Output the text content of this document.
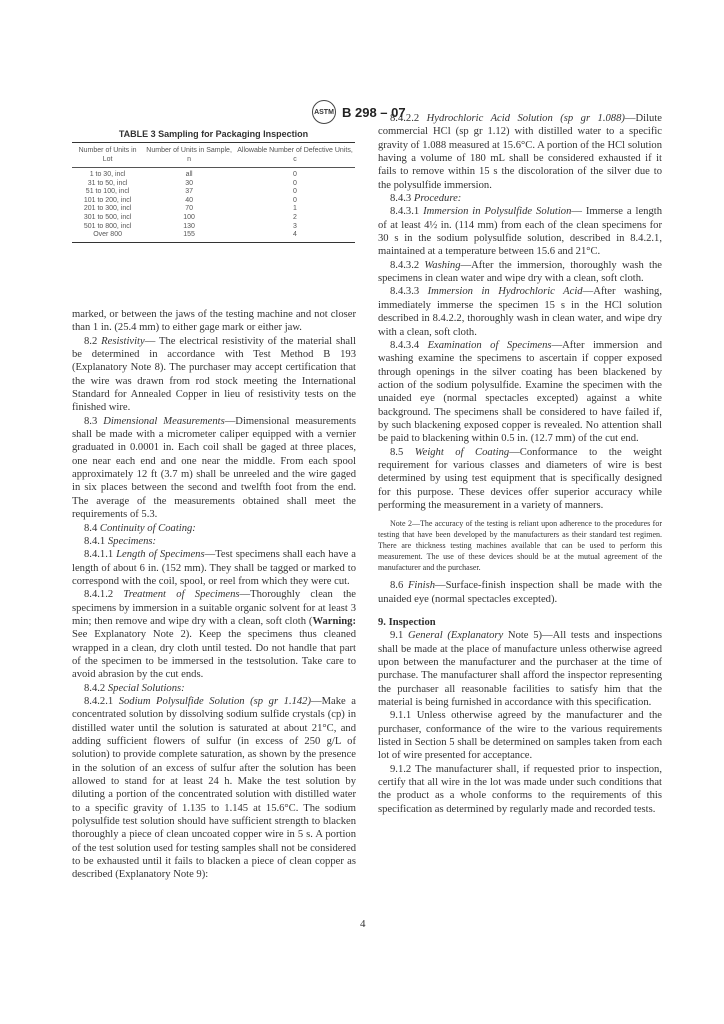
ASTM B 298 – 07
TABLE 3 Sampling for Packaging Inspection
Number of Units in Lot	Number of Units in Sample, n	Allowable Number of Defective Units, c
1 to 30, incl	all	0
31 to 50, incl	30	0
51 to 100, incl	37	0
101 to 200, incl	40	0
201 to 300, incl	70	1
301 to 500, incl	100	2
501 to 800, incl	130	3
Over 800	155	4

marked, or between the jaws of the testing machine and not closer than 1 in. (25.4 mm) to either gage mark or either jaw.

8.2 Resistivity— The electrical resistivity of the material shall be determined in accordance with Test Method B 193 (Explanatory Note 8). The purchaser may accept certification that the wire was drawn from rod stock meeting the International Standard for Annealed Copper in lieu of resistivity tests on the finished wire.

8.3 Dimensional Measurements—Dimensional measurements shall be made with a micrometer caliper equipped with a vernier graduated in 0.0001 in. Each coil shall be gaged at three places, one near each end and one near the middle. From each spool approximately 12 ft (3.7 m) shall be unreeled and the wire gaged in six places between the second and twelfth foot from the end. The average of the measurements obtained shall meet the requirements of 5.3.

8.4 Continuity of Coating:

8.4.1 Specimens:

8.4.1.1 Length of Specimens—Test specimens shall each have a length of about 6 in. (152 mm). They shall be tagged or marked to correspond with the coil, spool, or reel from which they were cut.

8.4.1.2 Treatment of Specimens—Thoroughly clean the specimens by immersion in a suitable organic solvent for at least 3 min; then remove and wipe dry with a clean, soft cloth (Warning: See Explanatory Note 2). Keep the specimens thus cleaned wrapped in a clean, dry cloth until tested. Do not handle that part of the specimen to be immersed in the testsolution. Take care to avoid abrasion by the cut ends.

8.4.2 Special Solutions:

8.4.2.1 Sodium Polysulfide Solution (sp gr 1.142)—Make a concentrated solution by dissolving sodium sulfide crystals (cp) in distilled water until the solution is saturated at about 21°C, and adding sufficient flowers of sulfur (in excess of 250 g/L of solution) to provide complete saturation, as shown by the presence in the solution of an excess of sulfur after the solution has been allowed to stand for at least 24 h. Make the test solution by diluting a portion of the concentrated solution with distilled water to a specific gravity of 1.135 to 1.145 at 15.6°C. The sodium polysulfide test solution should have sufficient strength to blacken thoroughly a piece of clean uncoated copper wire in 5 s. A portion of the test solution used for testing samples shall not be considered to be exhausted until it fails to blacken a piece of clean copper as described (Explanatory Note 9):

8.4.2.2 Hydrochloric Acid Solution (sp gr 1.088)—Dilute commercial HCl (sp gr 1.12) with distilled water to a specific gravity of 1.088 measured at 15.6°C. A portion of the HCl solution having a volume of 180 mL shall be considered exhausted if it fails to remove within 15 s the discoloration of the silver due to the polysulfide immersion.

8.4.3 Procedure:

8.4.3.1 Immersion in Polysulfide Solution— Immerse a length of at least 4½ in. (114 mm) from each of the clean specimens for 30 s in the sodium polysulfide solution, described in 8.4.2.1, maintained at a temperature between 15.6 and 21°C.

8.4.3.2 Washing—After the immersion, thoroughly wash the specimens in clean water and wipe dry with a clean, soft cloth.

8.4.3.3 Immersion in Hydrochloric Acid—After washing, immediately immerse the specimen 15 s in the HCl solution described in 8.4.2.2, thoroughly wash in clean water, and wipe dry with a clean, soft cloth.

8.4.3.4 Examination of Specimens—After immersion and washing examine the specimens to ascertain if copper exposed through openings in the silver coating has been blackened by action of the sodium polysulfide. Examine the specimen with the unaided eye (normal spectacles excepted) against a white background. The specimens shall be considered to have failed if, by such blackening exposed copper is revealed. No attention shall be paid to blackening within 0.5 in. (12.7 mm) of the cut end.

8.5 Weight of Coating—Conformance to the weight requirement for various classes and diameters of wire is best determined by using test equipment that is specifically designed for this purpose. These devices offer superior accuracy while performing the measurement in a variety of manners.

Note 2—The accuracy of the testing is reliant upon adherence to the procedures for testing that have been developed by the manufacturers as their standard test regimen. There are thickness testing machines available that can be used to perform this measurement. The use of these devices should be at the mutual agreement of the manufacturer and the purchaser.

8.6 Finish—Surface-finish inspection shall be made with the unaided eye (normal spectacles excepted).

9. Inspection

9.1 General (Explanatory Note 5)—All tests and inspections shall be made at the place of manufacture unless otherwise agreed upon between the manufacturer and the purchaser at the time of purchase. The manufacturer shall afford the inspector representing the purchaser all reasonable facilities to satisfy him that the material is being furnished in accordance with this specification.

9.1.1 Unless otherwise agreed by the manufacturer and the purchaser, conformance of the wire to the various requirements listed in Section 5 shall be determined on samples taken from each lot of wire presented for acceptance.

9.1.2 The manufacturer shall, if requested prior to inspection, certify that all wire in the lot was made under such conditions that the product as a whole conforms to the requirements of this specification as determined by regularly made and recorded tests.

4
